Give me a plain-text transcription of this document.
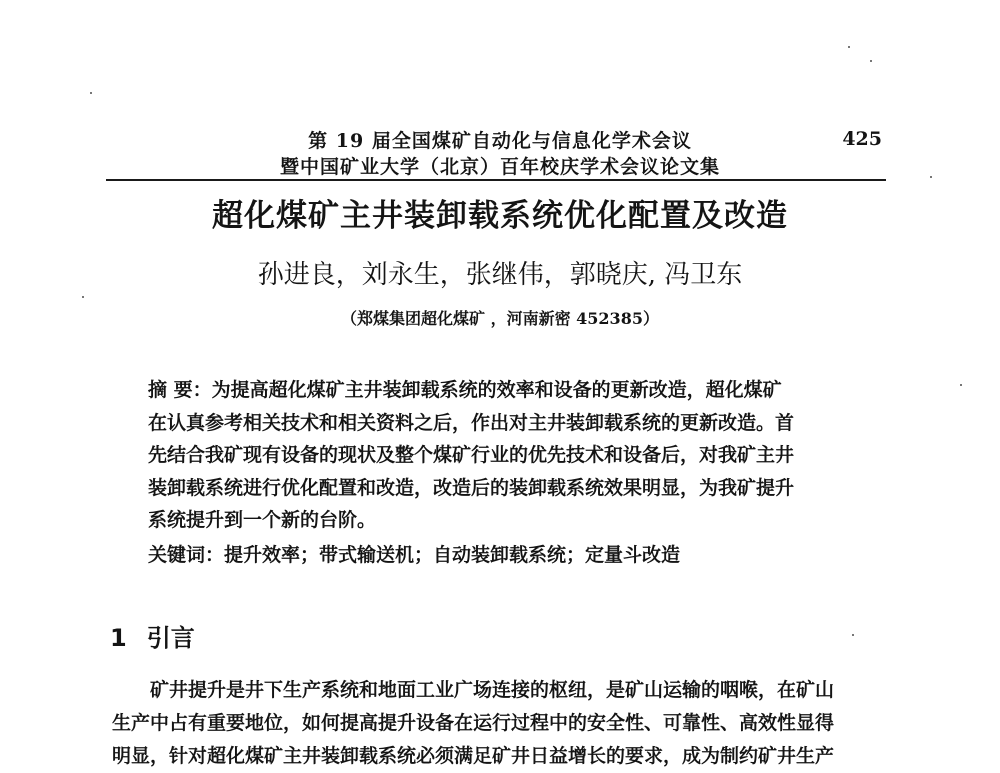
第 19 届全国煤矿自动化与信息化学术会议
暨中国矿业大学（北京）百年校庆学术会议论文集
425
超化煤矿主井装卸载系统优化配置及改造
孙进良，刘永生，张继伟，郭晓庆, 冯卫东
（郑煤集团超化煤矿 ，河南新密 452385）
摘 要：为提高超化煤矿主井装卸载系统的效率和设备的更新改造，超化煤矿
在认真参考相关技术和相关资料之后，作出对主井装卸载系统的更新改造。首
先结合我矿现有设备的现状及整个煤矿行业的优先技术和设备后，对我矿主井
装卸载系统进行优化配置和改造，改造后的装卸载系统效果明显，为我矿提升
系统提升到一个新的台阶。
关键词：提升效率；带式输送机；自动装卸载系统；定量斗改造
1 引言
矿井提升是井下生产系统和地面工业广场连接的枢纽，是矿山运输的咽喉，在矿山
生产中占有重要地位，如何提高提升设备在运行过程中的安全性、可靠性、高效性显得
明显，针对超化煤矿主井装卸载系统必须满足矿井日益增长的要求，成为制约矿井生产
